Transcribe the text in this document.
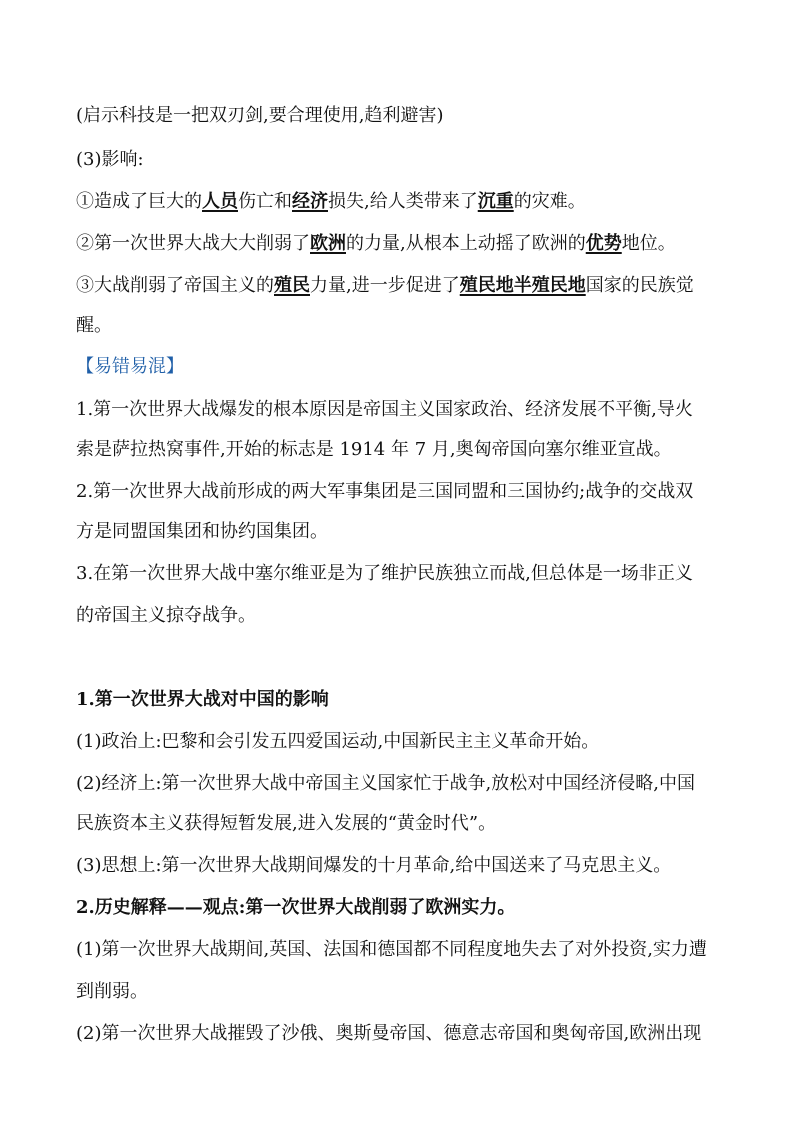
(启示科技是一把双刃剑,要合理使用,趋利避害)
(3)影响:
①造成了巨大的人员伤亡和经济损失,给人类带来了沉重的灾难。
②第一次世界大战大大削弱了欧洲的力量,从根本上动摇了欧洲的优势地位。
③大战削弱了帝国主义的殖民力量,进一步促进了殖民地半殖民地国家的民族觉
醒。
【易错易混】
1.第一次世界大战爆发的根本原因是帝国主义国家政治、经济发展不平衡,导火
索是萨拉热窝事件,开始的标志是 1914 年 7 月,奥匈帝国向塞尔维亚宣战。
2.第一次世界大战前形成的两大军事集团是三国同盟和三国协约;战争的交战双
方是同盟国集团和协约国集团。
3.在第一次世界大战中塞尔维亚是为了维护民族独立而战,但总体是一场非正义
的帝国主义掠夺战争。
1.第一次世界大战对中国的影响
(1)政治上:巴黎和会引发五四爱国运动,中国新民主主义革命开始。
(2)经济上:第一次世界大战中帝国主义国家忙于战争,放松对中国经济侵略,中国
民族资本主义获得短暂发展,进入发展的“黄金时代”。
(3)思想上:第一次世界大战期间爆发的十月革命,给中国送来了马克思主义。
2.历史解释——观点:第一次世界大战削弱了欧洲实力。
(1)第一次世界大战期间,英国、法国和德国都不同程度地失去了对外投资,实力遭
到削弱。
(2)第一次世界大战摧毁了沙俄、奥斯曼帝国、德意志帝国和奥匈帝国,欧洲出现
